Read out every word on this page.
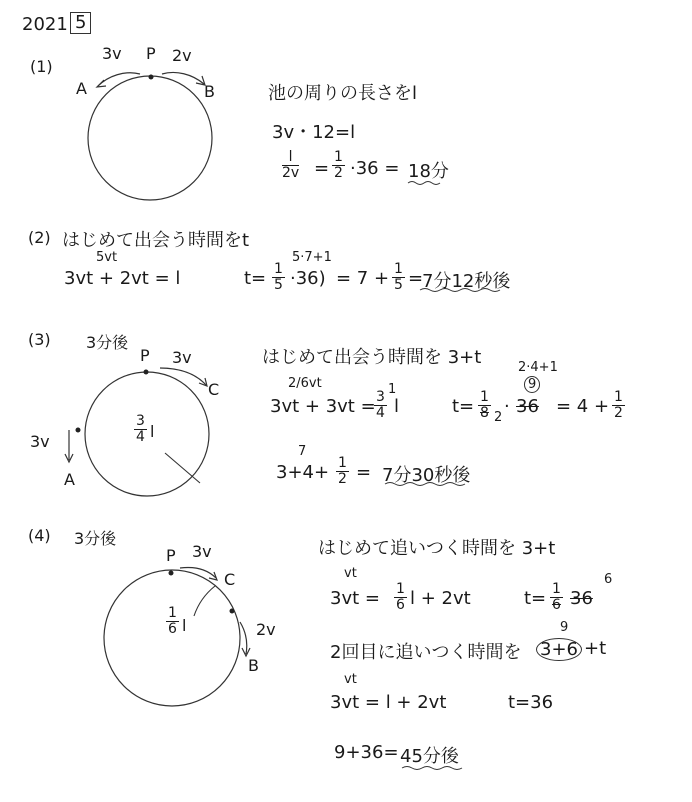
2021 5
(1)
3v P 2v
A	B	池の周りの長さをl
3v・12=l
$\frac{l}{2v} = \frac{1}{2} \cdot 36 = 18$分
(2) はじめて出会う時間をt
5vt
3vt + 2vt = l	$t= \frac{1}{5} \cdot 36$)
5·7+1
= $7 + \frac{1}{5}$ =
7分12秒後
(3) 3分後
P 3v
C
3v
A
$\frac{3}{4}$ l
はじめて出会う時間を 3+t
2/6vt
3vt + 3vt =
$\frac{3}{4}$
1
l	$t= \frac{1}{8} 2$
·
2·4+1
9
$36 = 4 + \frac{1}{2}$
7
$3+4+ \frac{1}{2} = 7$分30秒後
(4) 3分後
P 3v
C
2v
B
$\frac{1}{6}$ l
はじめて追いつく時間を 3+t
vt
$3vt = \frac{1}{6}$ l + 2vt	$t= \frac{1}{6} 36$
6
2回目に追いつく時間を
9
3+6 +t
vt
3vt = l + 2vt	t=36
9+36= 45分後
